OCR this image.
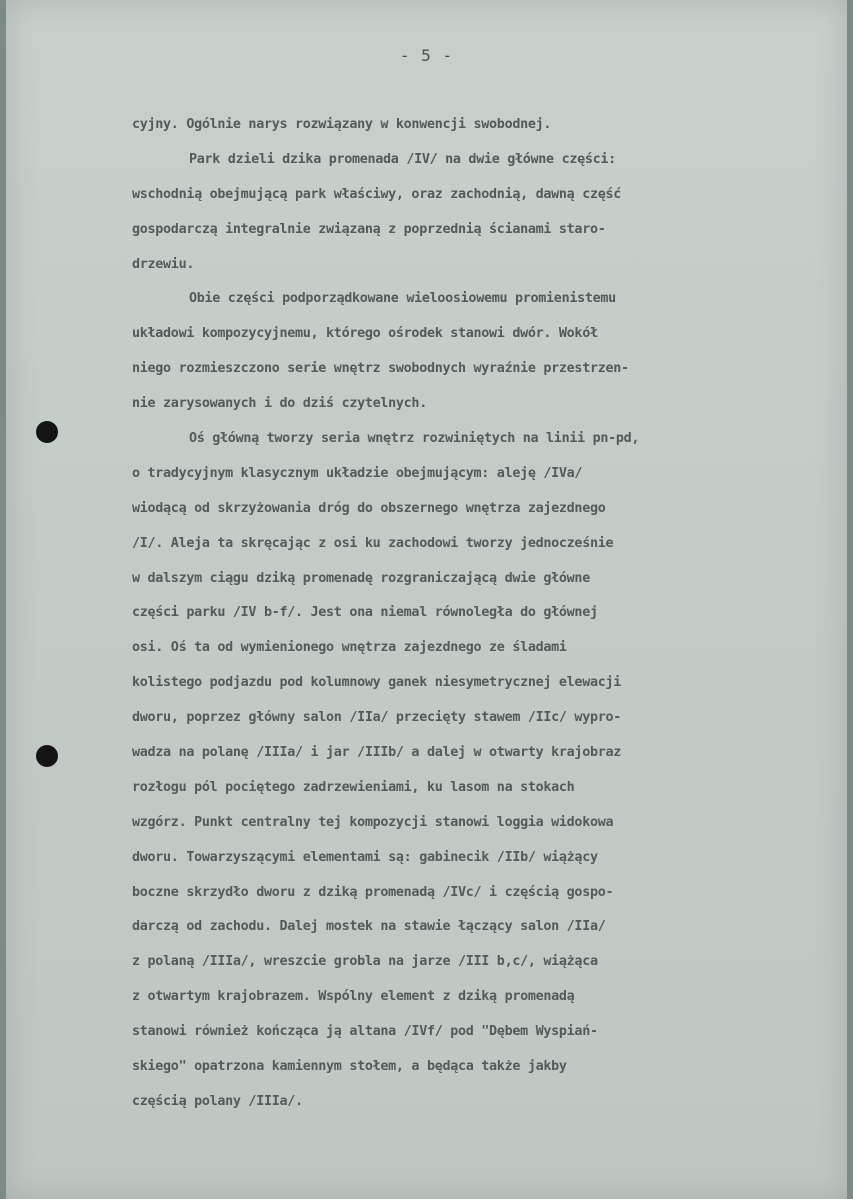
- 5 -
cyjny. Ogólnie narys rozwiązany w konwencji swobodnej.
Park dzieli dzika promenada /IV/ na dwie główne części:
wschodnią obejmującą park właściwy, oraz zachodnią, dawną część
gospodarczą integralnie związaną z poprzednią ścianami staro-
drzewiu.
Obie części podporządkowane wieloosiowemu promienistemu
układowi kompozycyjnemu, którego ośrodek stanowi dwór. Wokół
niego rozmieszczono serie wnętrz swobodnych wyraźnie przestrzen-
nie zarysowanych i do dziś czytelnych.
Oś główną tworzy seria wnętrz rozwiniętych na linii pn-pd,
o tradycyjnym klasycznym układzie obejmującym: aleję /IVa/
wiodącą od skrzyżowania dróg do obszernego wnętrza zajezdnego
/I/. Aleja ta skręcając z osi ku zachodowi tworzy jednocześnie
w dalszym ciągu dziką promenadę rozgraniczającą dwie główne
części parku /IV b-f/. Jest ona niemal równoległa do głównej
osi. Oś ta od wymienionego wnętrza zajezdnego ze śladami
kolistego podjazdu pod kolumnowy ganek niesymetrycznej elewacji
dworu, poprzez główny salon /IIa/ przecięty stawem /IIc/ wypro-
wadza na polanę /IIIa/ i jar /IIIb/ a dalej w otwarty krajobraz
rozłogu pól pociętego zadrzewieniami, ku lasom na stokach
wzgórz. Punkt centralny tej kompozycji stanowi loggia widokowa
dworu. Towarzyszącymi elementami są: gabinecik /IIb/ wiążący
boczne skrzydło dworu z dziką promenadą /IVc/ i częścią gospo-
darczą od zachodu. Dalej mostek na stawie łączący salon /IIa/
z polaną /IIIa/, wreszcie grobla na jarze /III b,c/, wiążąca
z otwartym krajobrazem. Wspólny element z dziką promenadą
stanowi również kończąca ją altana /IVf/ pod "Dębem Wyspiań-
skiego" opatrzona kamiennym stołem, a będąca także jakby
częścią polany /IIIa/.
